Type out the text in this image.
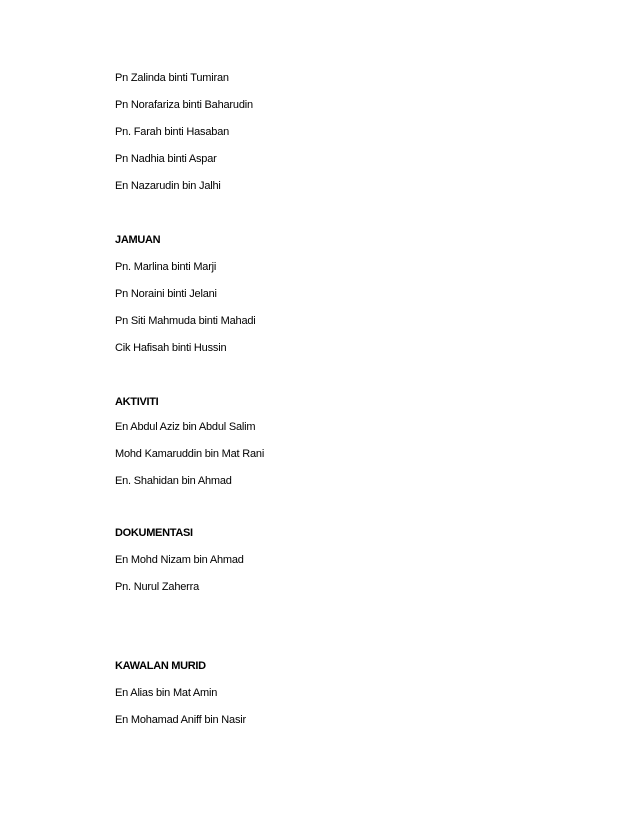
Pn Zalinda binti Tumiran
Pn Norafariza binti Baharudin
Pn. Farah binti Hasaban
Pn Nadhia binti Aspar
En Nazarudin bin Jalhi
JAMUAN
Pn. Marlina binti Marji
Pn Noraini binti Jelani
Pn Siti Mahmuda binti Mahadi
Cik Hafisah binti Hussin
AKTIVITI
En Abdul Aziz bin Abdul Salim
Mohd Kamaruddin bin Mat Rani
En. Shahidan bin Ahmad
DOKUMENTASI
En Mohd Nizam bin Ahmad
Pn. Nurul Zaherra
KAWALAN MURID
En Alias bin Mat Amin
En Mohamad Aniff bin Nasir
